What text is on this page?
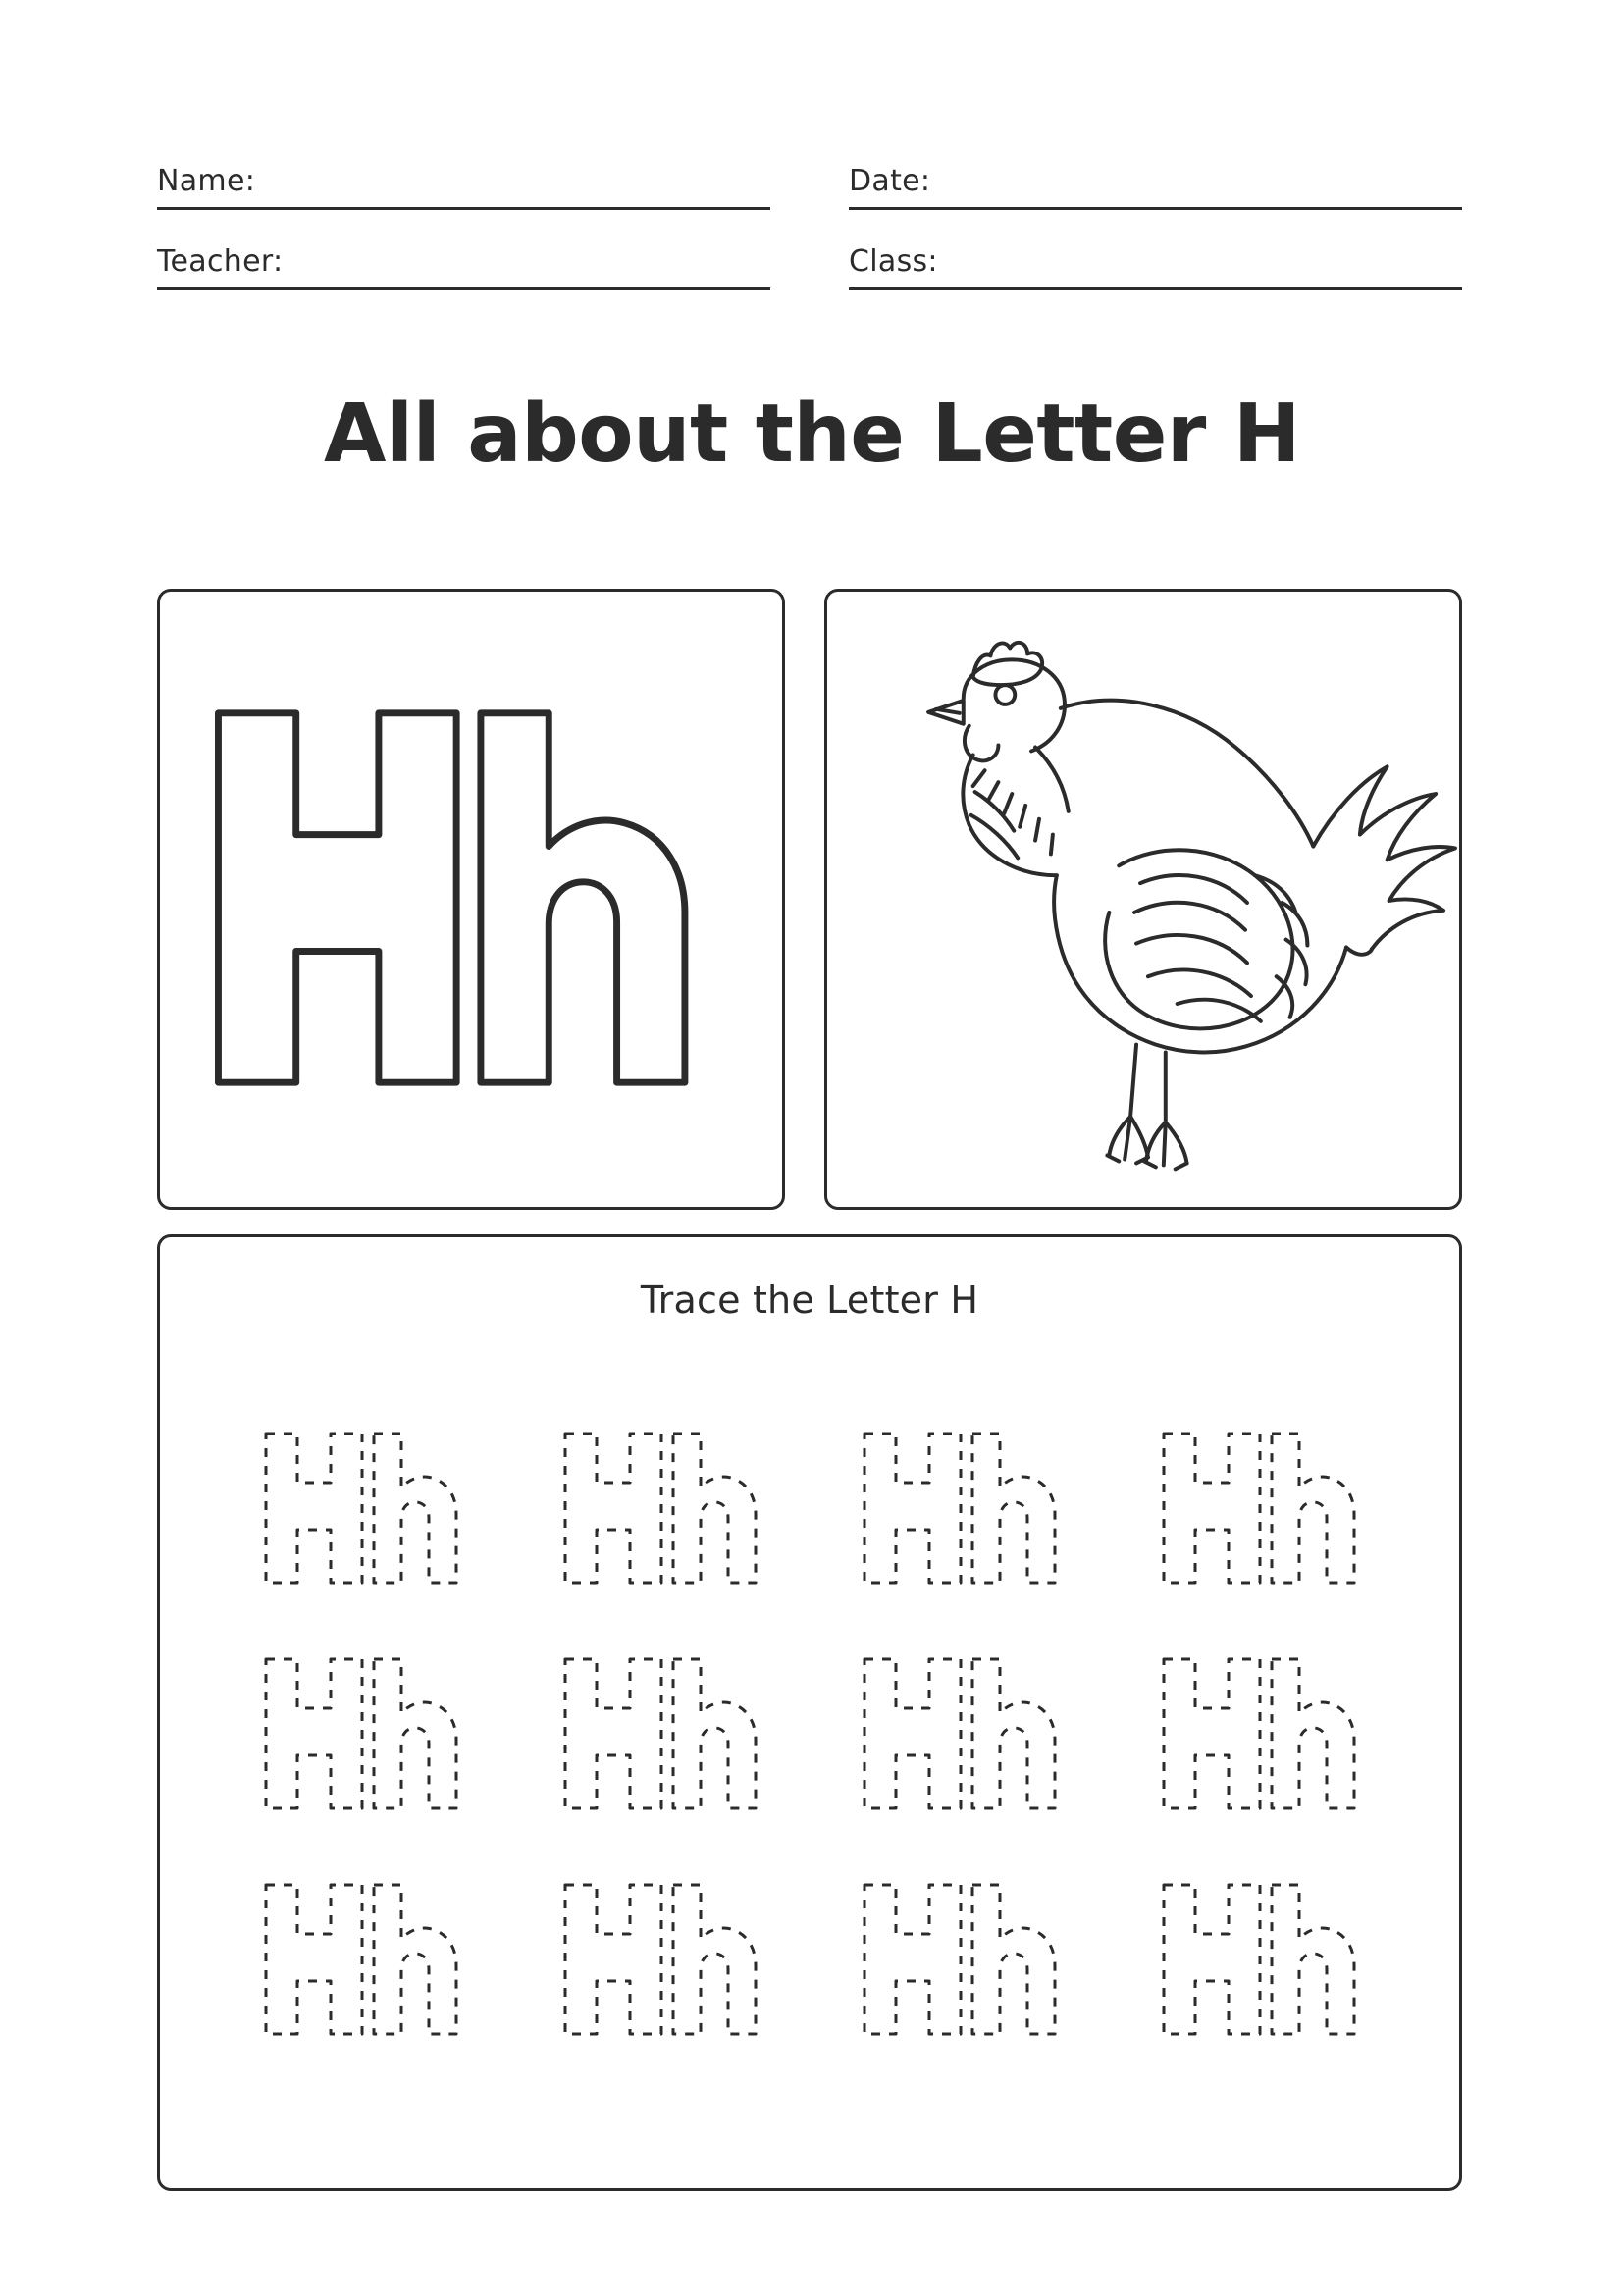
Name:	Date:
Teacher:	Class:
All about the Letter H
Trace the Letter H
